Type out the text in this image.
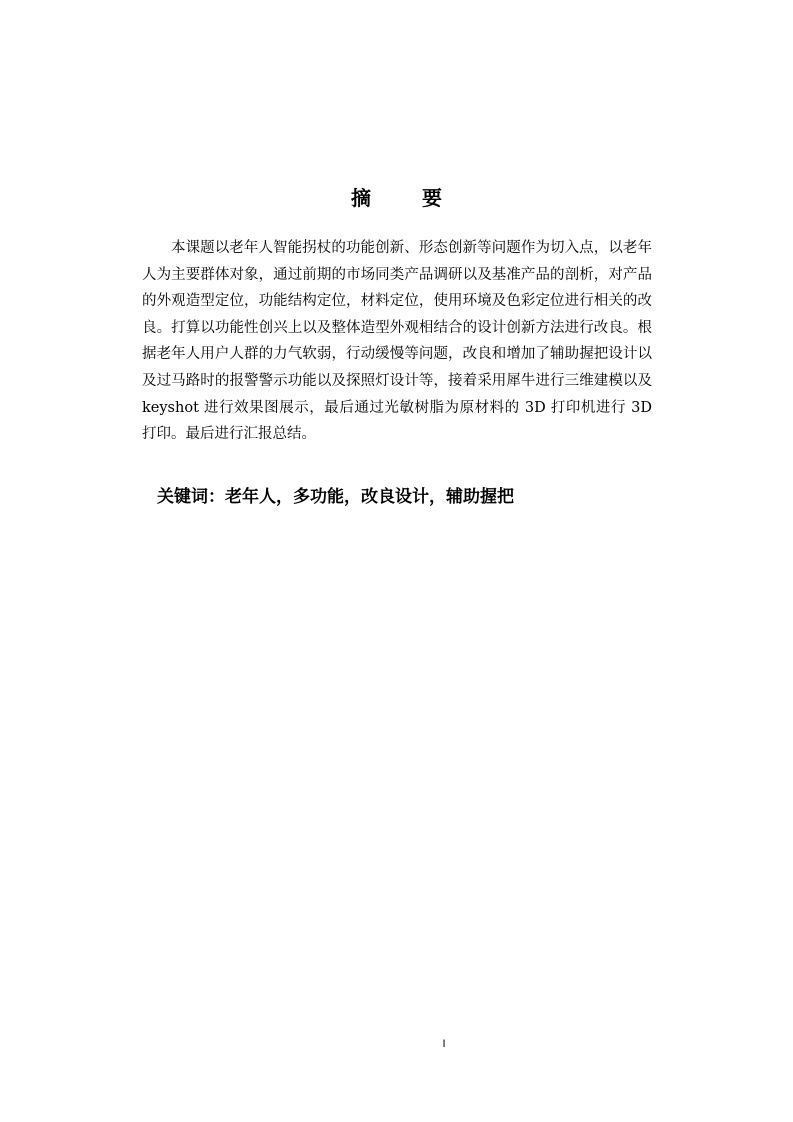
摘 要

本课题以老年人智能拐杖的功能创新、形态创新等问题作为切入点，以老年人为主要群体对象，通过前期的市场同类产品调研以及基准产品的剖析，对产品的外观造型定位，功能结构定位，材料定位，使用环境及色彩定位进行相关的改良。打算以功能性创兴上以及整体造型外观相结合的设计创新方法进行改良。根据老年人用户人群的力气软弱，行动缓慢等问题，改良和增加了辅助握把设计以及过马路时的报警警示功能以及探照灯设计等，接着采用犀牛进行三维建模以及 keyshot 进行效果图展示，最后通过光敏树脂为原材料的 3D 打印机进行 3D 打印。最后进行汇报总结。

关键词：老年人，多功能，改良设计，辅助握把
I
